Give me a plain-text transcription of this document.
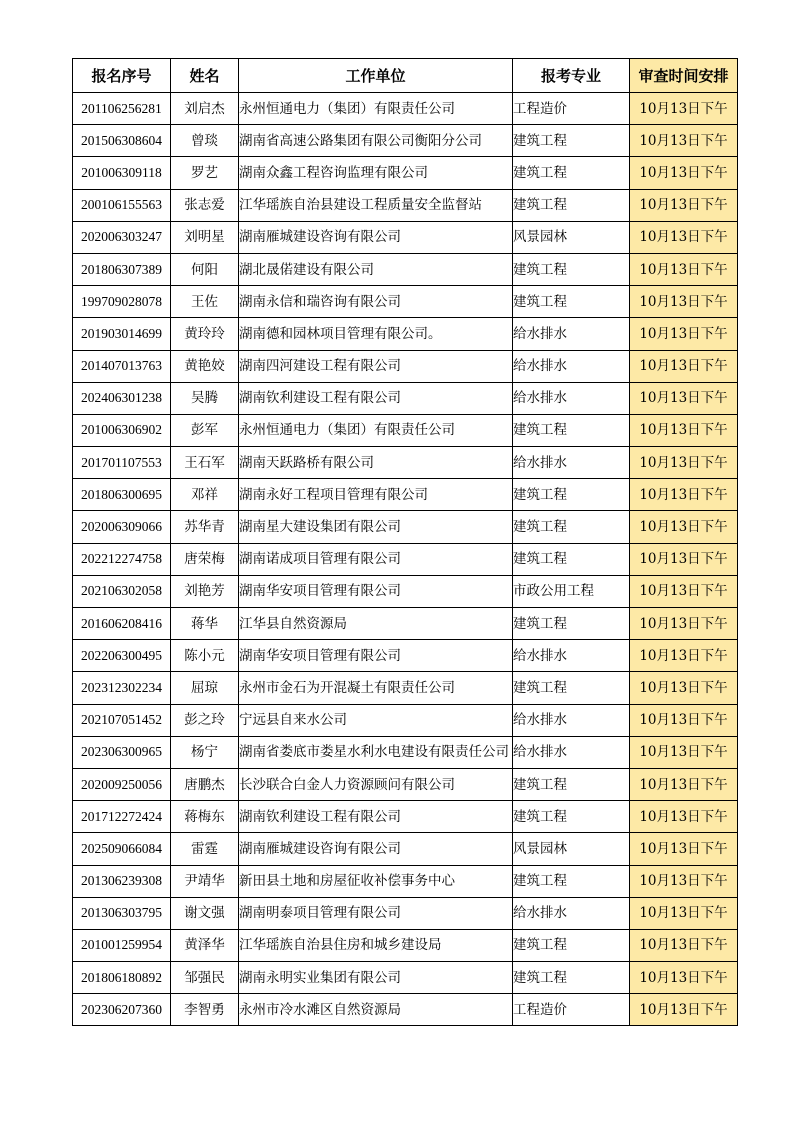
报名序号	姓名	工作单位	报考专业	审查时间安排
201106256281	刘启杰	永州恒通电力（集团）有限责任公司	工程造价	10月13日下午
201506308604	曾琰	湖南省高速公路集团有限公司衡阳分公司	建筑工程	10月13日下午
201006309118	罗艺	湖南众鑫工程咨询监理有限公司	建筑工程	10月13日下午
200106155563	张志爱	江华瑶族自治县建设工程质量安全监督站	建筑工程	10月13日下午
202006303247	刘明星	湖南雁城建设咨询有限公司	风景园林	10月13日下午
201806307389	何阳	湖北晟偌建设有限公司	建筑工程	10月13日下午
199709028078	王佐	湖南永信和瑞咨询有限公司	建筑工程	10月13日下午
201903014699	黄玲玲	湖南德和园林项目管理有限公司。	给水排水	10月13日下午
201407013763	黄艳姣	湖南四河建设工程有限公司	给水排水	10月13日下午
202406301238	吴腾	湖南钦利建设工程有限公司	给水排水	10月13日下午
201006306902	彭军	永州恒通电力（集团）有限责任公司	建筑工程	10月13日下午
201701107553	王石军	湖南天跃路桥有限公司	给水排水	10月13日下午
201806300695	邓祥	湖南永好工程项目管理有限公司	建筑工程	10月13日下午
202006309066	苏华青	湖南星大建设集团有限公司	建筑工程	10月13日下午
202212274758	唐荣梅	湖南诺成项目管理有限公司	建筑工程	10月13日下午
202106302058	刘艳芳	湖南华安项目管理有限公司	市政公用工程	10月13日下午
201606208416	蒋华	江华县自然资源局	建筑工程	10月13日下午
202206300495	陈小元	湖南华安项目管理有限公司	给水排水	10月13日下午
202312302234	屈琼	永州市金石为开混凝土有限责任公司	建筑工程	10月13日下午
202107051452	彭之玲	宁远县自来水公司	给水排水	10月13日下午
202306300965	杨宁	湖南省娄底市娄星水利水电建设有限责任公司	给水排水	10月13日下午
202009250056	唐鹏杰	长沙联合白金人力资源顾问有限公司	建筑工程	10月13日下午
201712272424	蒋梅东	湖南钦利建设工程有限公司	建筑工程	10月13日下午
202509066084	雷霆	湖南雁城建设咨询有限公司	风景园林	10月13日下午
201306239308	尹靖华	新田县土地和房屋征收补偿事务中心	建筑工程	10月13日下午
201306303795	谢文强	湖南明泰项目管理有限公司	给水排水	10月13日下午
201001259954	黄泽华	江华瑶族自治县住房和城乡建设局	建筑工程	10月13日下午
201806180892	邹强民	湖南永明实业集团有限公司	建筑工程	10月13日下午
202306207360	李智勇	永州市冷水滩区自然资源局	工程造价	10月13日下午
